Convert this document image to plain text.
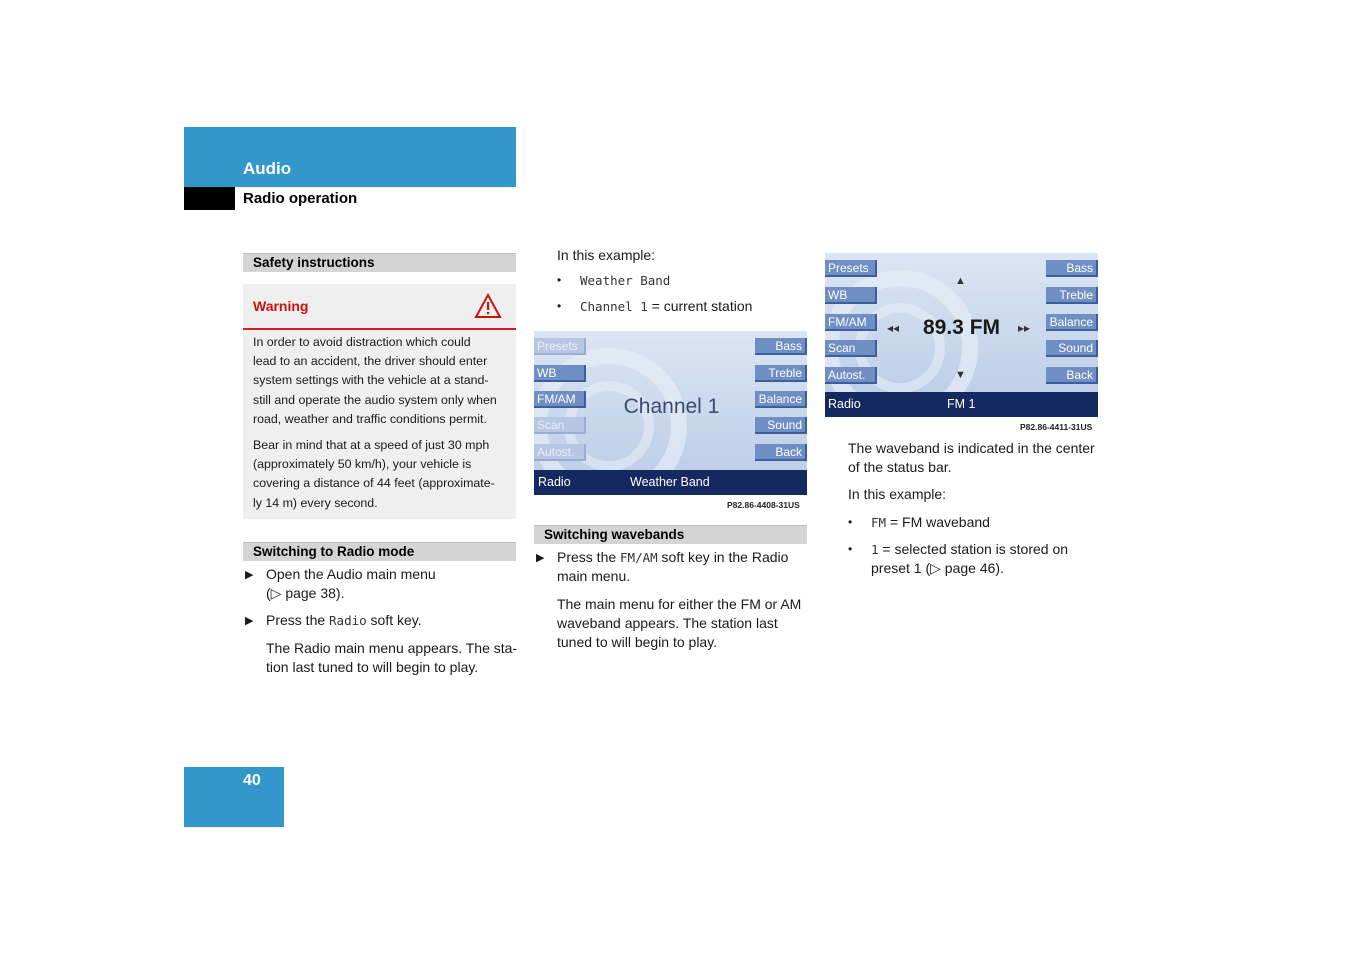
Audio
Radio operation
Safety instructions
Warning
In order to avoid distraction which could
lead to an accident, the driver should enter
system settings with the vehicle at a stand-
still and operate the audio system only when
road, weather and traffic conditions permit.
Bear in mind that at a speed of just 30 mph
(approximately 50 km/h), your vehicle is
covering a distance of 44 feet (approximate-
ly 14 m) every second.
Switching to Radio mode
▶ Open the Audio main menu
(▷ page 38).
▶ Press the Radio soft key.
The Radio main menu appears. The sta-
tion last tuned to will begin to play.
In this example:
• Weather Band
• Channel 1 = current station
Presets
WB
FM/AM
Scan
Autost.
Bass
Treble
Balance
Sound
Back
Channel 1
Radio	Weather Band
P82.86-4408-31US
Switching wavebands
▶ Press the FM/AM soft key in the Radio
main menu.
The main menu for either the FM or AM
waveband appears. The station last
tuned to will begin to play.
Presets
WB
FM/AM
Scan
Autost.
Bass
Treble
Balance
Sound
Back
▲
▼
◂◂	▸▸
89.3 FM
Radio	FM 1
P82.86-4411-31US
The waveband is indicated in the center
of the status bar.
In this example:
• FM = FM waveband
• 1 = selected station is stored on
preset 1 (▷ page 46).
40
